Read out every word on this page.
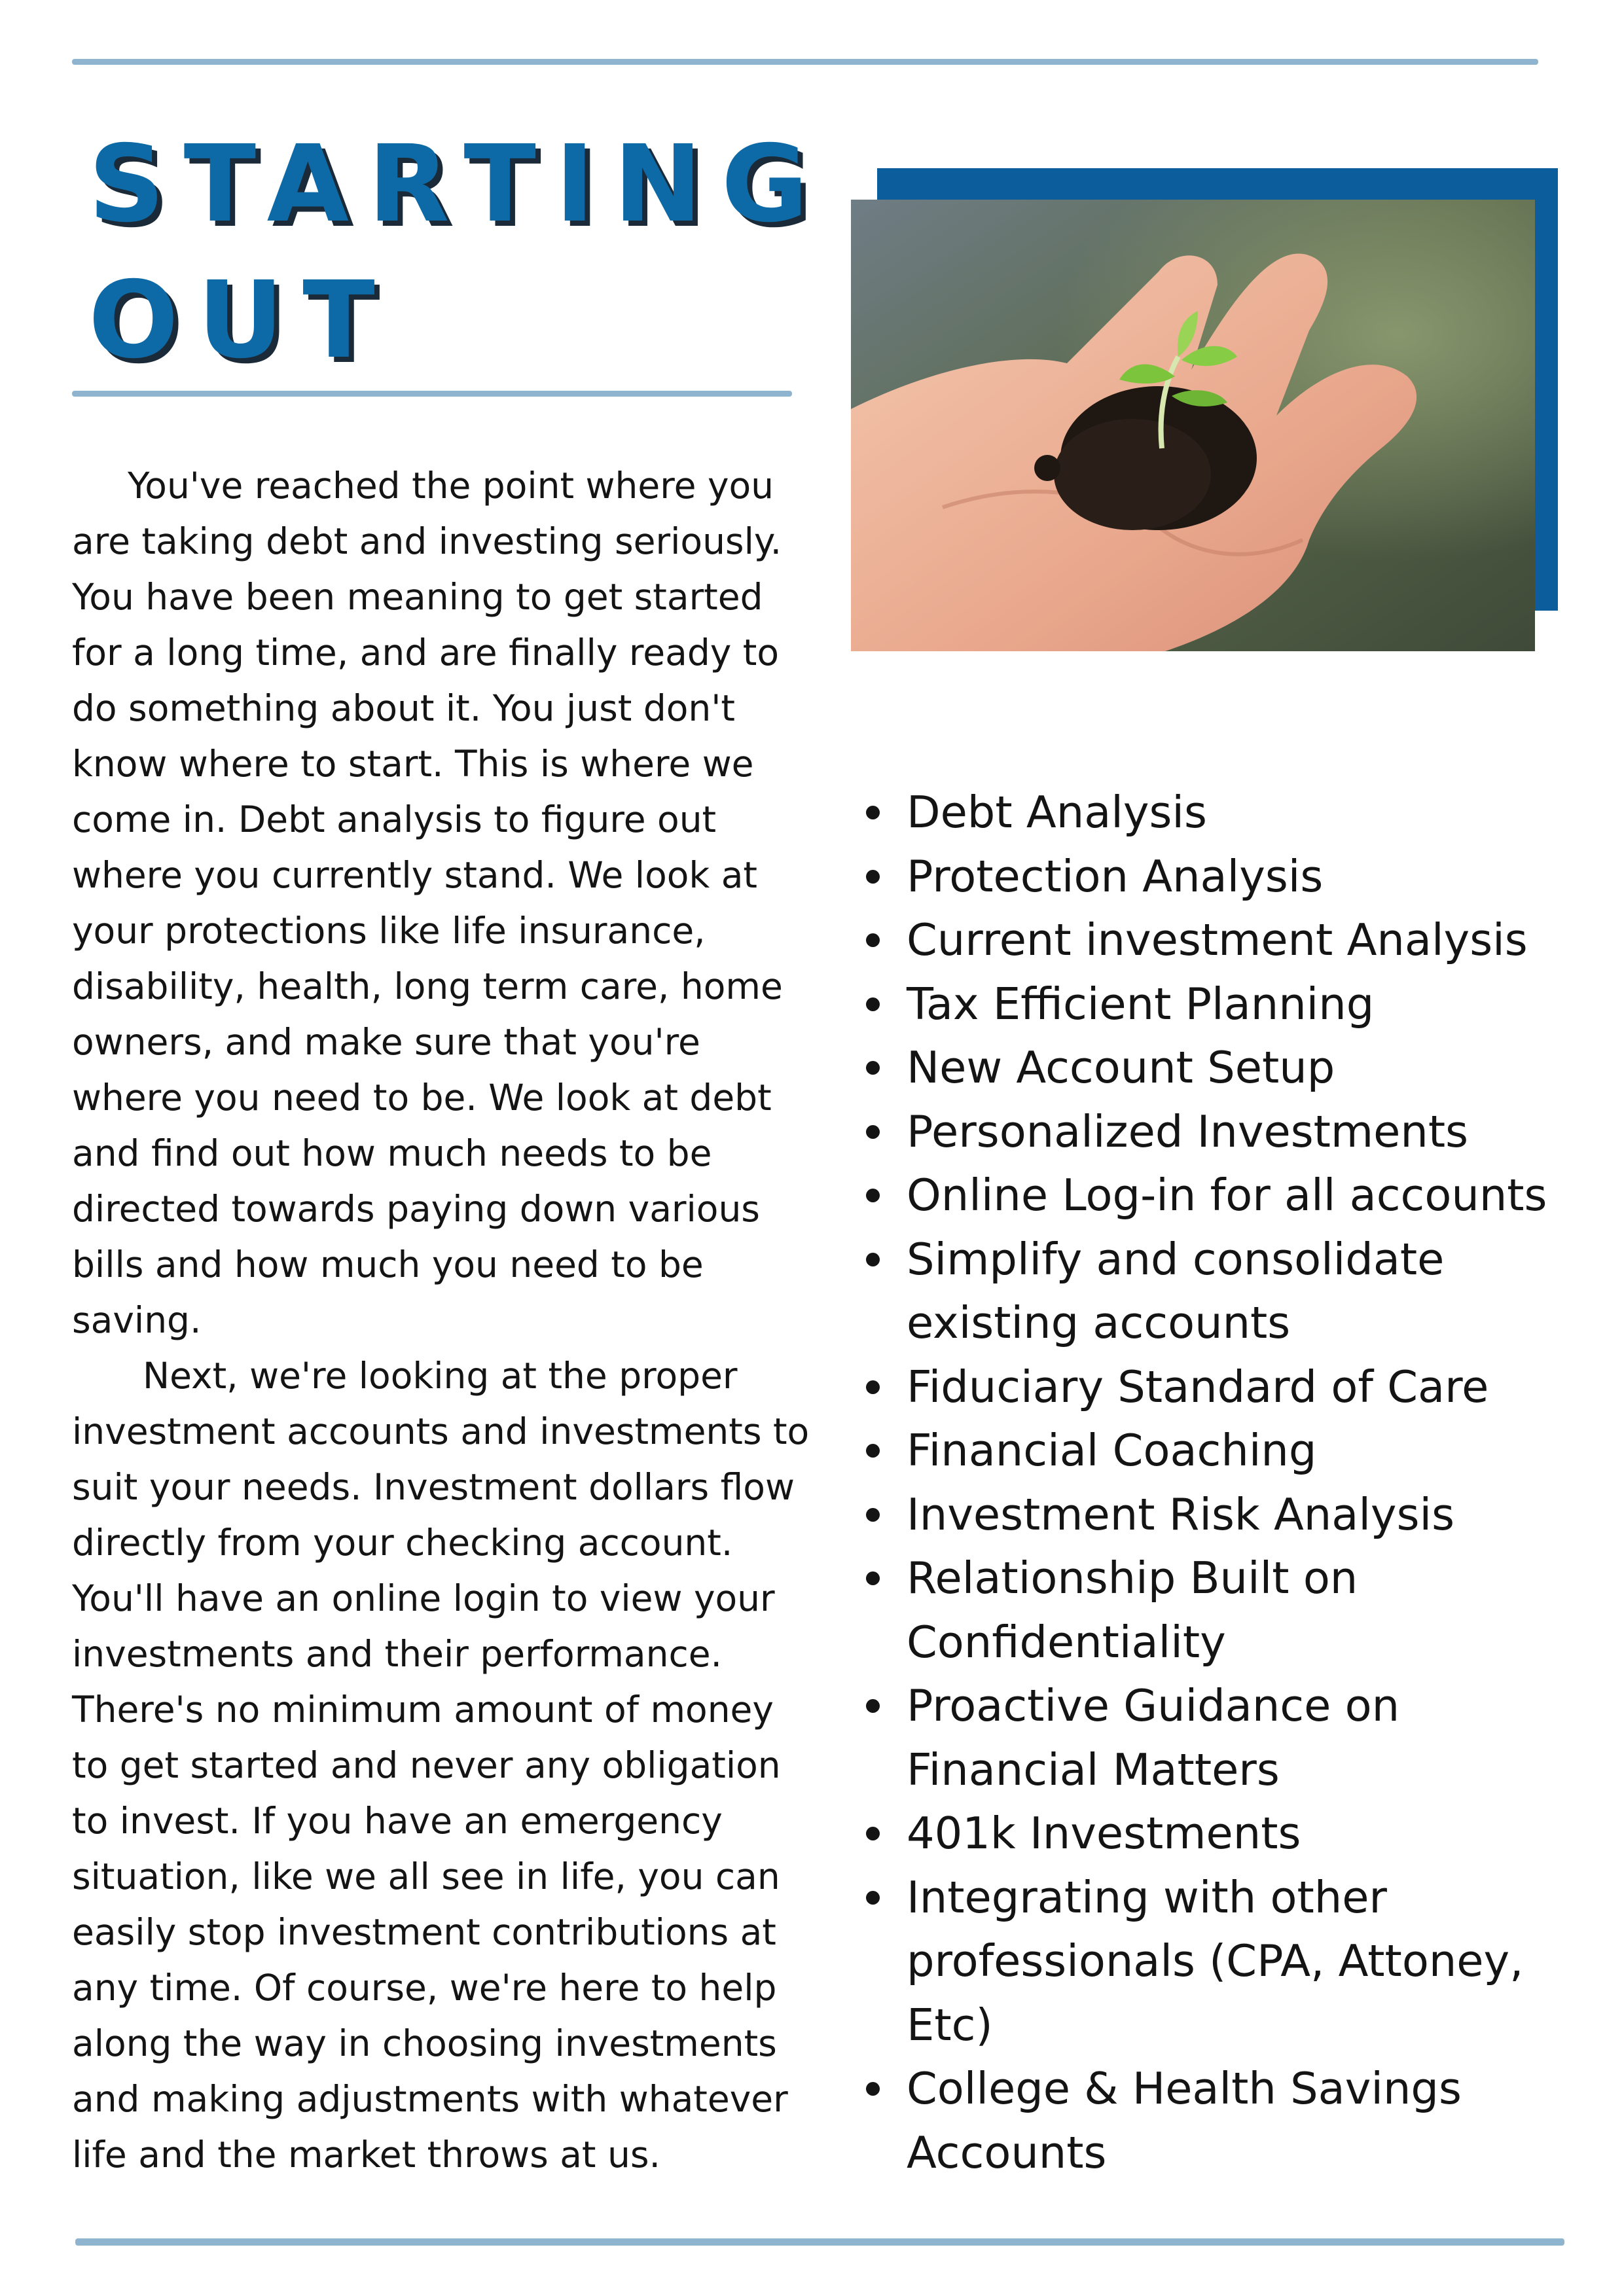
STARTING
OUT

You've reached the point where you are taking debt and investing seriously. You have been meaning to get started for a long time, and are finally ready to do something about it. You just don't know where to start. This is where we come in. Debt analysis to figure out where you currently stand. We look at your protections like life insurance, disability, health, long term care, home owners, and make sure that you're where you need to be. We look at debt and find out how much needs to be directed towards paying down various bills and how much you need to be saving.

Next, we're looking at the proper investment accounts and investments to suit your needs. Investment dollars flow directly from your checking account. You'll have an online login to view your investments and their performance. There's no minimum amount of money to get started and never any obligation to invest. If you have an emergency situation, like we all see in life, you can easily stop investment contributions at any time. Of course, we're here to help along the way in choosing investments and making adjustments with whatever life and the market throws at us.

Debt Analysis
Protection Analysis
Current investment Analysis
Tax Efficient Planning
New Account Setup
Personalized Investments
Online Log-in for all accounts
Simplify and consolidate existing accounts
Fiduciary Standard of Care
Financial Coaching
Investment Risk Analysis
Relationship Built on Confidentiality
Proactive Guidance on Financial Matters
401k Investments
Integrating with other professionals (CPA, Attoney, Etc)
College & Health Savings Accounts
